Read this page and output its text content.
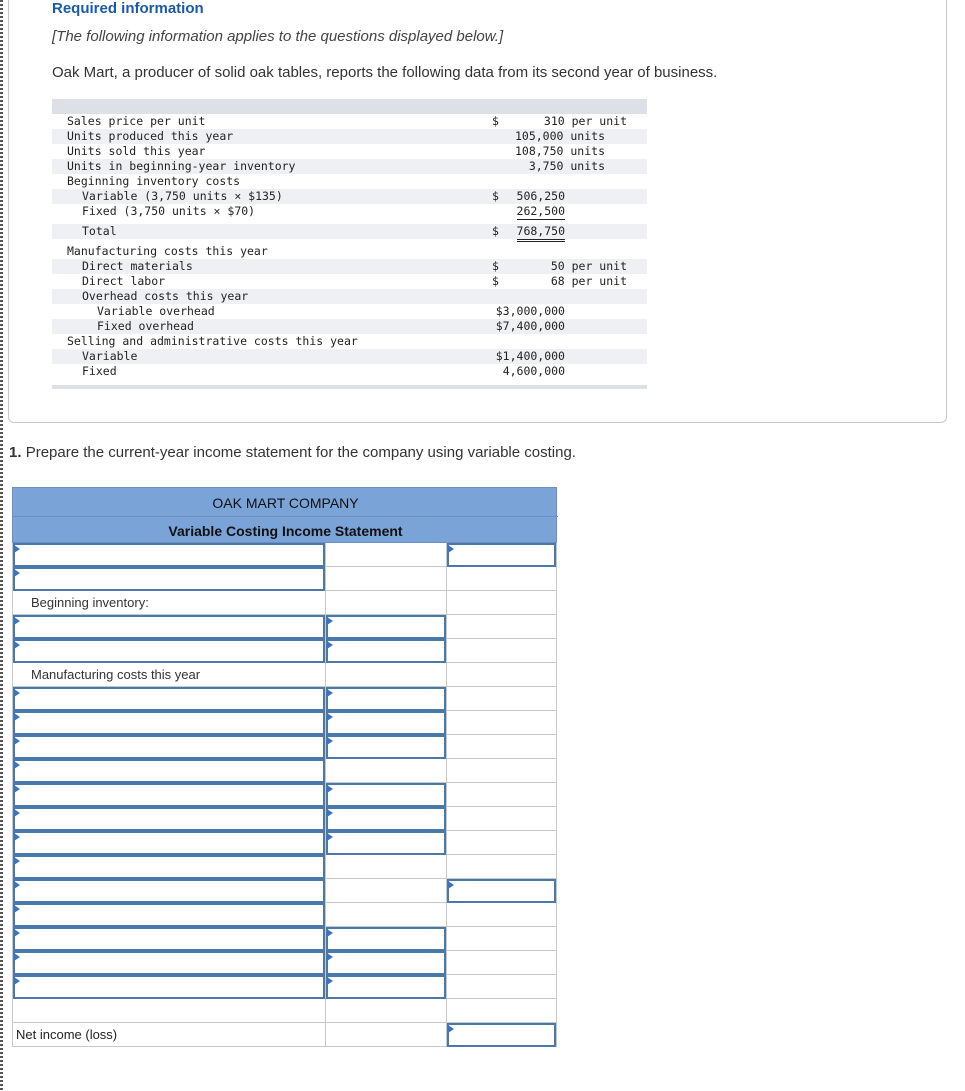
Required information
[The following information applies to the questions displayed below.]
Oak Mart, a producer of solid oak tables, reports the following data from its second year of business.
Sales price per unit	$	310 per unit
Units produced this year	105,000 units
Units sold this year	108,750 units
Units in beginning-year inventory	3,750 units
Beginning inventory costs
Variable (3,750 units × $135)	$ 506,250
Fixed (3,750 units × $70)	262,500
Total	$ 768,750
Manufacturing costs this year
Direct materials	$	50 per unit
Direct labor	$	68 per unit
Overhead costs this year
Variable overhead	$3,000,000
Fixed overhead	$7,400,000
Selling and administrative costs this year
Variable	$1,400,000
Fixed	4,600,000
1. Prepare the current-year income statement for the company using variable costing.
OAK MART COMPANY
Variable Costing Income Statement
Beginning inventory:
Manufacturing costs this year
Net income (loss)
